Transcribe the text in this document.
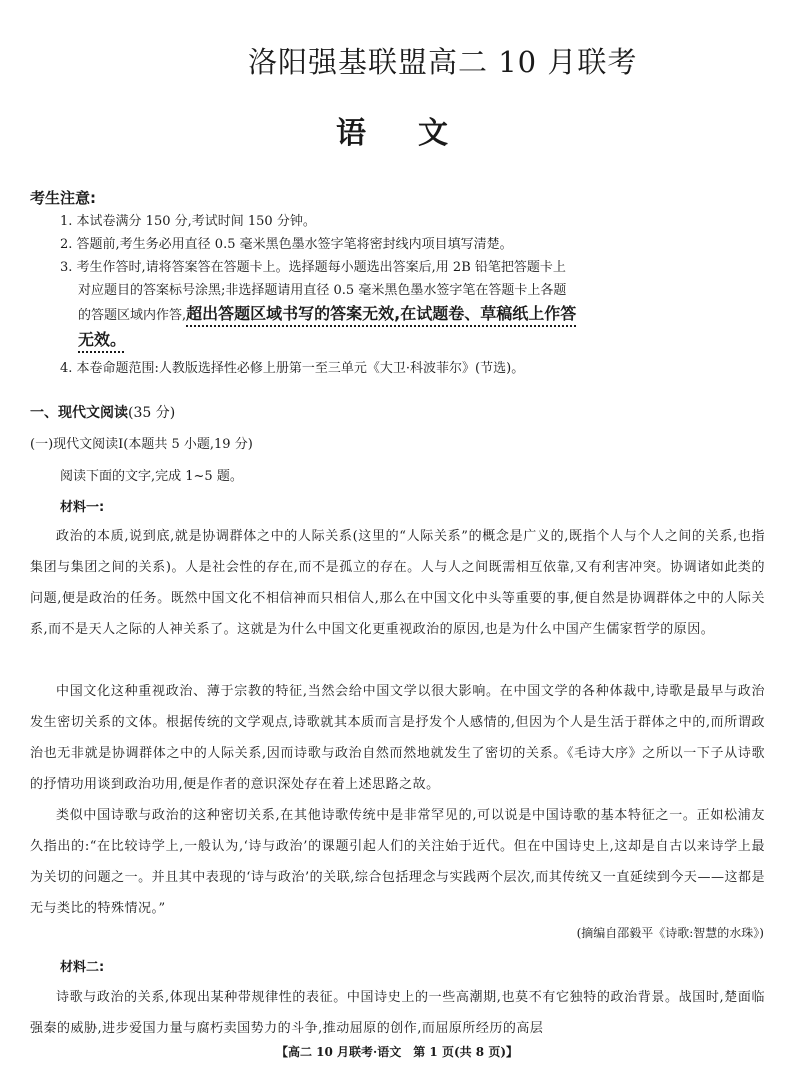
洛阳强基联盟高二 10 月联考
语文
考生注意:
1. 本试卷满分 150 分,考试时间 150 分钟。
2. 答题前,考生务必用直径 0.5 毫米黑色墨水签字笔将密封线内项目填写清楚。
3. 考生作答时,请将答案答在答题卡上。选择题每小题选出答案后,用 2B 铅笔把答题卡上
对应题目的答案标号涂黑;非选择题请用直径 0.5 毫米黑色墨水签字笔在答题卡上各题
的答题区域内作答,超出答题区域书写的答案无效,在试题卷、草稿纸上作答
无效。
4. 本卷命题范围:人教版选择性必修上册第一至三单元《大卫·科波菲尔》(节选)。
一、现代文阅读(35 分)
(一)现代文阅读Ⅰ(本题共 5 小题,19 分)
阅读下面的文字,完成 1~5 题。
材料一:
政治的本质,说到底,就是协调群体之中的人际关系(这里的“人际关系”的概念是广义的,既指个人与个人之间的关系,也指集团与集团之间的关系)。人是社会性的存在,而不是孤立的存在。人与人之间既需相互依靠,又有利害冲突。协调诸如此类的问题,便是政治的任务。既然中国文化不相信神而只相信人,那么在中国文化中头等重要的事,便自然是协调群体之中的人际关系,而不是天人之际的人神关系了。这就是为什么中国文化更重视政治的原因,也是为什么中国产生儒家哲学的原因。
中国文化这种重视政治、薄于宗教的特征,当然会给中国文学以很大影响。在中国文学的各种体裁中,诗歌是最早与政治发生密切关系的文体。根据传统的文学观点,诗歌就其本质而言是抒发个人感情的,但因为个人是生活于群体之中的,而所谓政治也无非就是协调群体之中的人际关系,因而诗歌与政治自然而然地就发生了密切的关系。《毛诗大序》之所以一下子从诗歌的抒情功用谈到政治功用,便是作者的意识深处存在着上述思路之故。
类似中国诗歌与政治的这种密切关系,在其他诗歌传统中是非常罕见的,可以说是中国诗歌的基本特征之一。正如松浦友久指出的:“在比较诗学上,一般认为,‘诗与政治’的课题引起人们的关注始于近代。但在中国诗史上,这却是自古以来诗学上最为关切的问题之一。并且其中表现的‘诗与政治’的关联,综合包括理念与实践两个层次,而其传统又一直延续到今天——这都是无与类比的特殊情况。”
(摘编自邵毅平《诗歌:智慧的水珠》)
材料二:
诗歌与政治的关系,体现出某种带规律性的表征。中国诗史上的一些高潮期,也莫不有它独特的政治背景。战国时,楚面临强秦的威胁,进步爱国力量与腐朽卖国势力的斗争,推动屈原的创作,而屈原所经历的高层
【高二 10 月联考·语文　第 1 页(共 8 页)】
